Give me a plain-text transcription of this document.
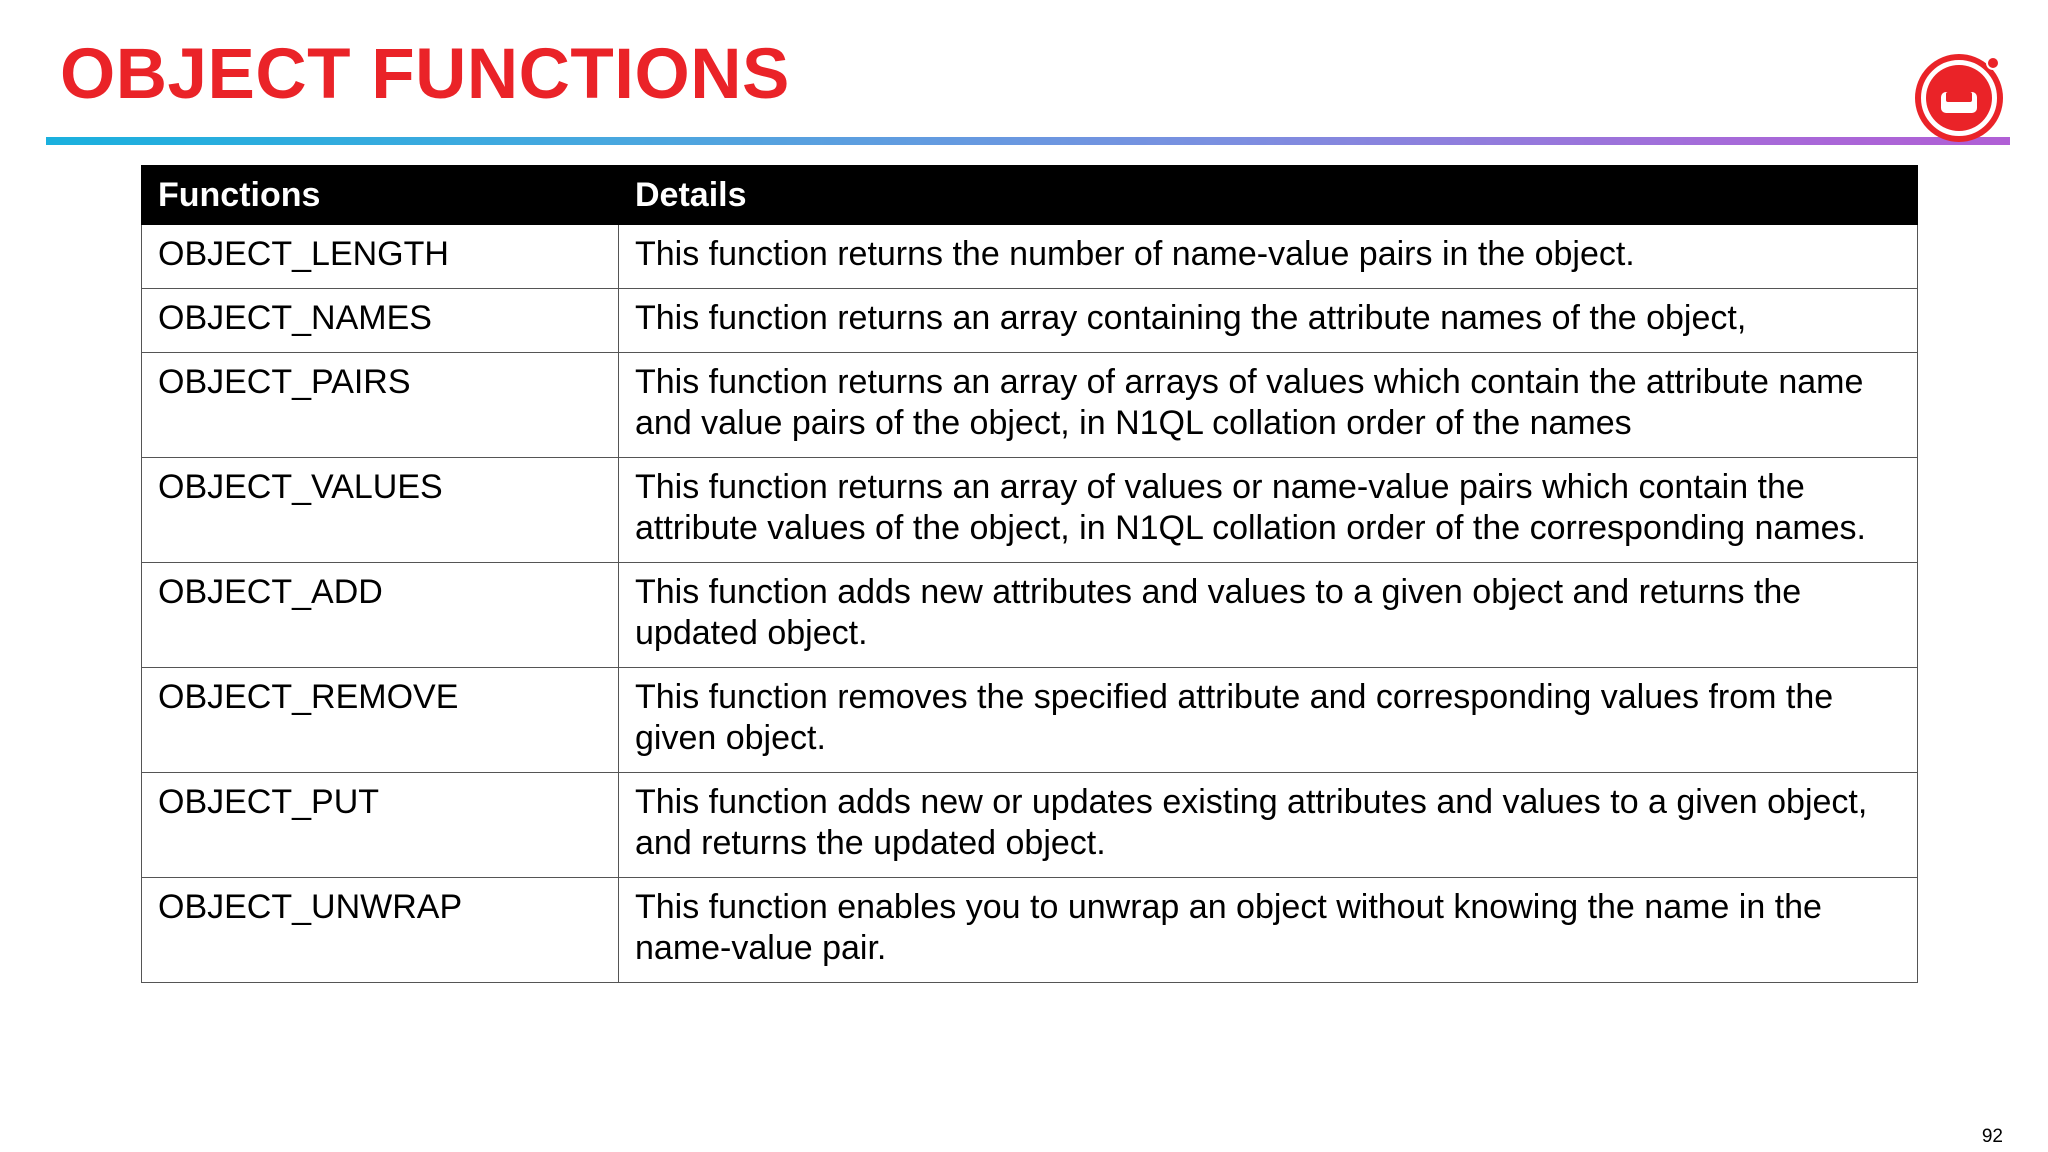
OBJECT FUNCTIONS
Functions	Details
OBJECT_LENGTH	This function returns the number of name-value pairs in the object.
OBJECT_NAMES	This function returns an array containing the attribute names of the object,
OBJECT_PAIRS	This function returns an array of arrays of values which contain the attribute name and value pairs of the object, in N1QL collation order of the names
OBJECT_VALUES	This function returns an array of values or name-value pairs which contain the attribute values of the object, in N1QL collation order of the corresponding names.
OBJECT_ADD	This function adds new attributes and values to a given object and returns the updated object.
OBJECT_REMOVE	This function removes the specified attribute and corresponding values from the given object.
OBJECT_PUT	This function adds new or updates existing attributes and values to a given object, and returns the updated object.
OBJECT_UNWRAP	This function enables you to unwrap an object without knowing the name in the name-value pair.
92
